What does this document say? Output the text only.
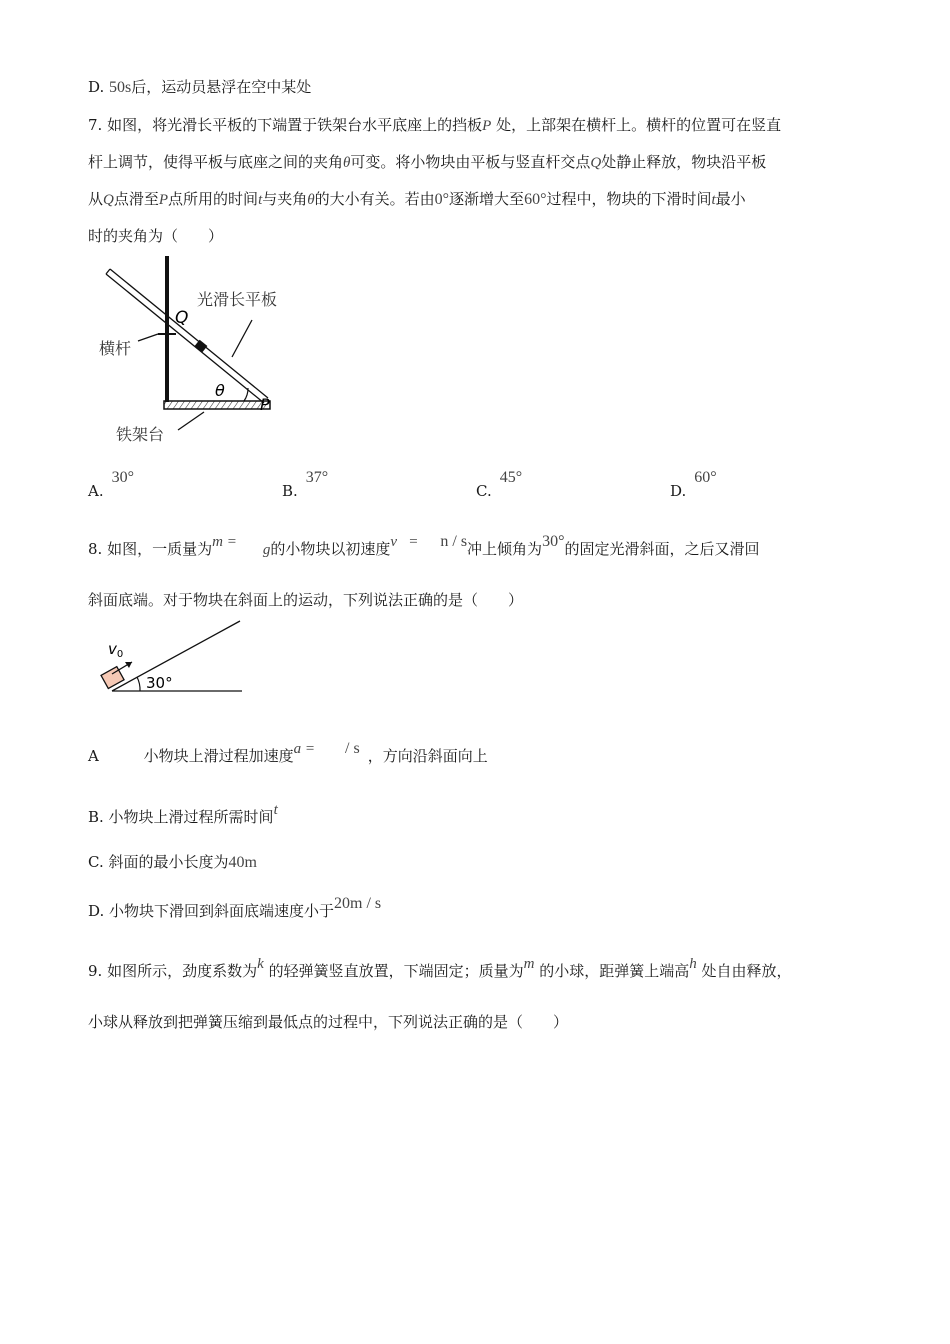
D. 50s后，运动员悬浮在空中某处
7. 如图，将光滑长平板的下端置于铁架台水平底座上的挡板P 处，上部架在横杆上。横杆的位置可在竖直
杆上调节，使得平板与底座之间的夹角θ可变。将小物块由平板与竖直杆交点Q处静止释放，物块沿平板
从Q点滑至P点所用的时间t与夹角θ的大小有关。若由0°逐渐增大至60°过程中，物块的下滑时间t最小
时的夹角为（　　）
Q
光滑长平板
横杆
θ
P
铁架台
A.30°
B.37°
C.45°
D.60°
8. 如图，一质量为m = g的小物块以初速度v   = n / s冲上倾角为30°的固定光滑斜面，之后又滑回
斜面底端。对于物块在斜面上的运动，下列说法正确的是（　　）
$v_0$
30°
A	小物块上滑过程加速度a = / s ，方向沿斜面向上
B. 小物块上滑过程所需时间t
C. 斜面的最小长度为40m
D. 小物块下滑回到斜面底端速度小于20m / s
9. 如图所示，劲度系数为k 的轻弹簧竖直放置，下端固定；质量为m 的小球，距弹簧上端高h 处自由释放，
小球从释放到把弹簧压缩到最低点的过程中，下列说法正确的是（　　）
